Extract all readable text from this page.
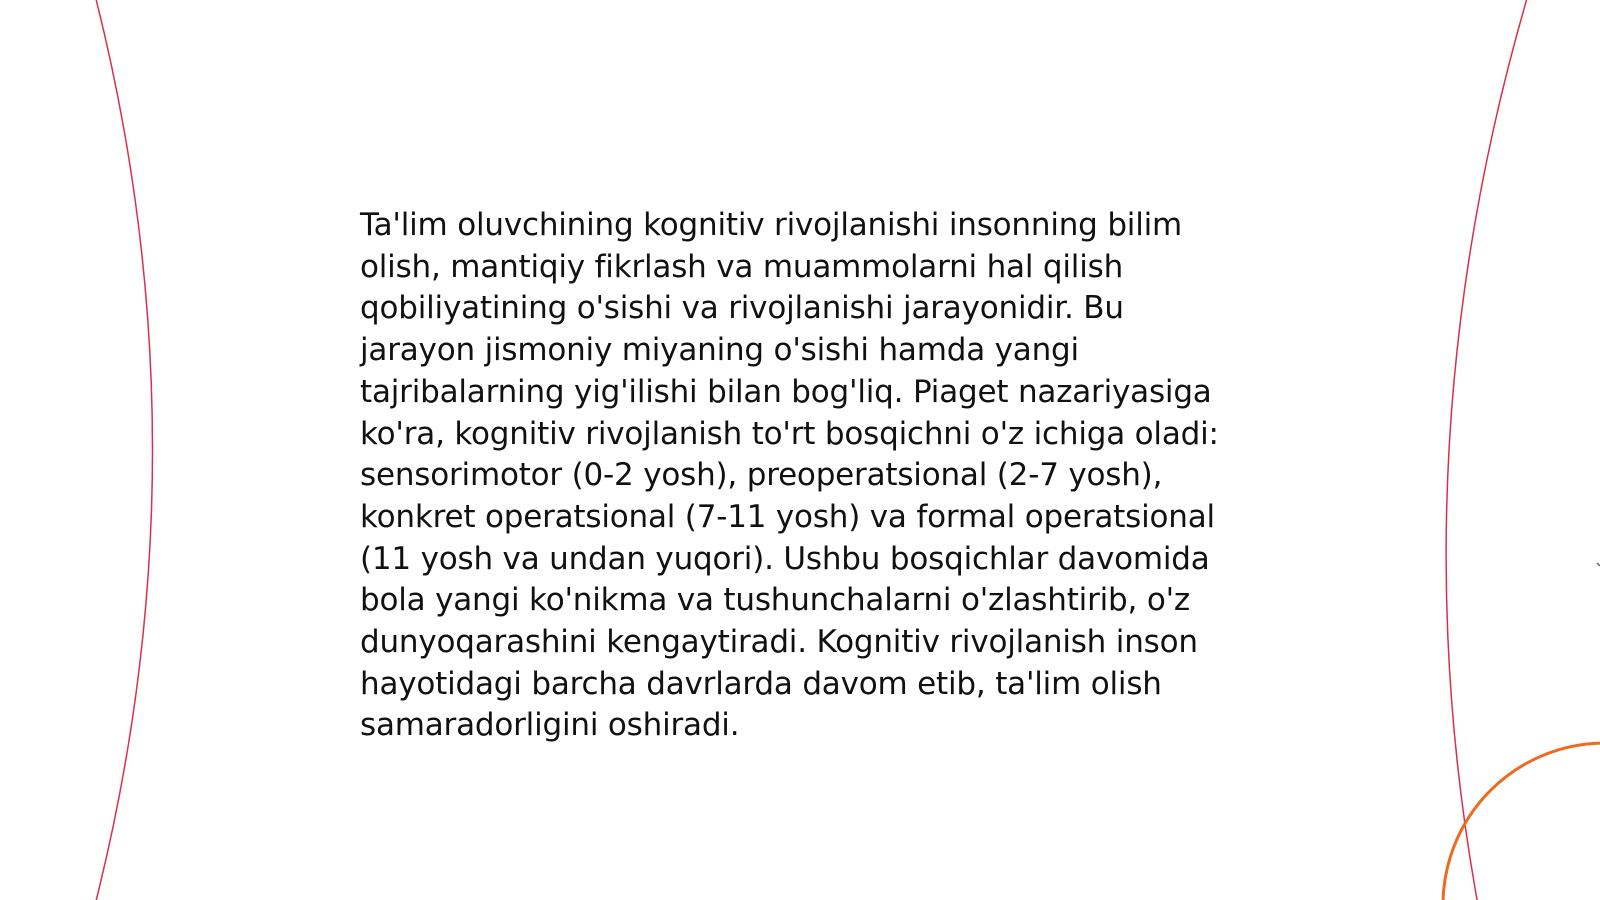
Ta'lim oluvchining kognitiv rivojlanishi insonning bilim olish, mantiqiy fikrlash va muammolarni hal qilish qobiliyatining o'sishi va rivojlanishi jarayonidir. Bu jarayon jismoniy miyaning o'sishi hamda yangi tajribalarning yig'ilishi bilan bog'liq. Piaget nazariyasiga ko'ra, kognitiv rivojlanish to'rt bosqichni o'z ichiga oladi: sensorimotor (0-2 yosh), preoperatsional (2-7 yosh), konkret operatsional (7-11 yosh) va formal operatsional (11 yosh va undan yuqori). Ushbu bosqichlar davomida bola yangi ko'nikma va tushunchalarni o'zlashtirib, o'z dunyoqarashini kengaytiradi. Kognitiv rivojlanish inson hayotidagi barcha davrlarda davom etib, ta'lim olish samaradorligini oshiradi.
